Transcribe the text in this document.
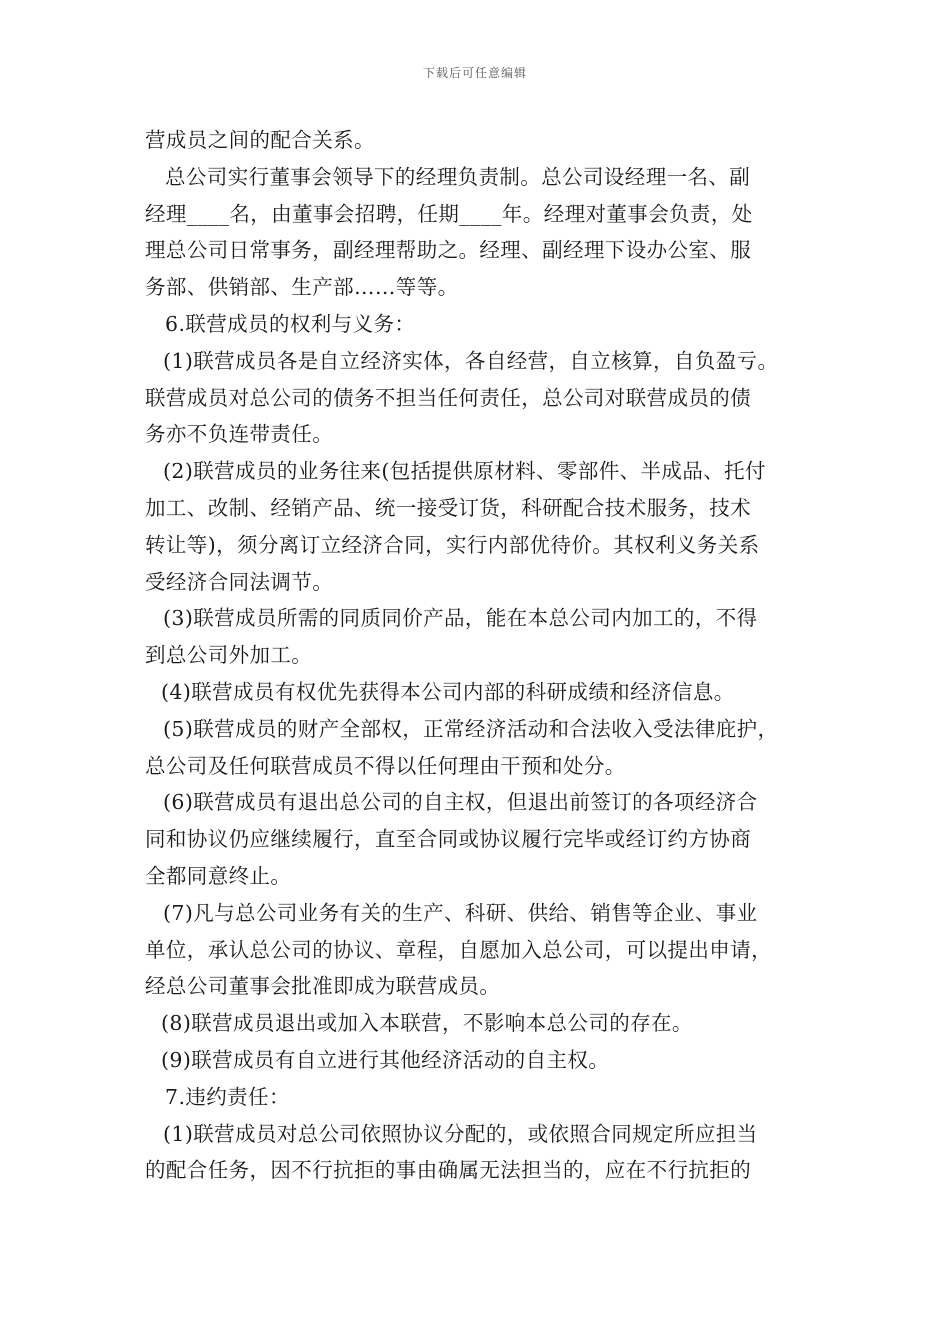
下载后可任意编辑
营成员之间的配合关系。
总公司实行董事会领导下的经理负责制。总公司设经理一名、副
经理____名，由董事会招聘，任期____年。经理对董事会负责，处
理总公司日常事务，副经理帮助之。经理、副经理下设办公室、服
务部、供销部、生产部……等等。
6.联营成员的权利与义务：
(1)联营成员各是自立经济实体，各自经营，自立核算，自负盈亏。
联营成员对总公司的债务不担当任何责任，总公司对联营成员的债
务亦不负连带责任。
(2)联营成员的业务往来(包括提供原材料、零部件、半成品、托付
加工、改制、经销产品、统一接受订货，科研配合技术服务，技术
转让等)，须分离订立经济合同，实行内部优待价。其权利义务关系
受经济合同法调节。
(3)联营成员所需的同质同价产品，能在本总公司内加工的，不得
到总公司外加工。
(4)联营成员有权优先获得本公司内部的科研成绩和经济信息。
(5)联营成员的财产全部权，正常经济活动和合法收入受法律庇护，
总公司及任何联营成员不得以任何理由干预和处分。
(6)联营成员有退出总公司的自主权，但退出前签订的各项经济合
同和协议仍应继续履行，直至合同或协议履行完毕或经订约方协商
全都同意终止。
(7)凡与总公司业务有关的生产、科研、供给、销售等企业、事业
单位，承认总公司的协议、章程，自愿加入总公司，可以提出申请，
经总公司董事会批准即成为联营成员。
(8)联营成员退出或加入本联营，不影响本总公司的存在。
(9)联营成员有自立进行其他经济活动的自主权。
7.违约责任：
(1)联营成员对总公司依照协议分配的，或依照合同规定所应担当
的配合任务，因不行抗拒的事由确属无法担当的，应在不行抗拒的
